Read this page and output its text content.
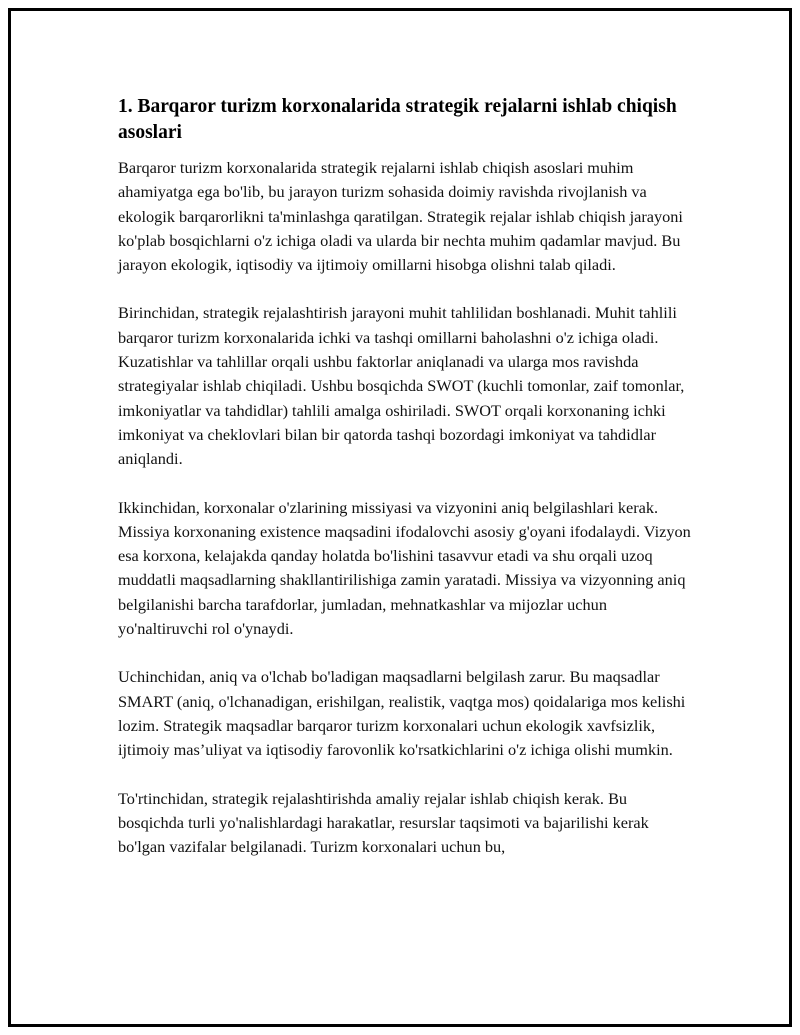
1. Barqaror turizm korxonalarida strategik rejalarni ishlab chiqish asoslari

Barqaror turizm korxonalarida strategik rejalarni ishlab chiqish asoslari muhim ahamiyatga ega bo'lib, bu jarayon turizm sohasida doimiy ravishda rivojlanish va ekologik barqarorlikni ta'minlashga qaratilgan. Strategik rejalar ishlab chiqish jarayoni ko'plab bosqichlarni o'z ichiga oladi va ularda bir nechta muhim qadamlar mavjud. Bu jarayon ekologik, iqtisodiy va ijtimoiy omillarni hisobga olishni talab qiladi.

Birinchidan, strategik rejalashtirish jarayoni muhit tahlilidan boshlanadi. Muhit tahlili barqaror turizm korxonalarida ichki va tashqi omillarni baholashni o'z ichiga oladi. Kuzatishlar va tahlillar orqali ushbu faktorlar aniqlanadi va ularga mos ravishda strategiyalar ishlab chiqiladi. Ushbu bosqichda SWOT (kuchli tomonlar, zaif tomonlar, imkoniyatlar va tahdidlar) tahlili amalga oshiriladi. SWOT orqali korxonaning ichki imkoniyat va cheklovlari bilan bir qatorda tashqi bozordagi imkoniyat va tahdidlar aniqlandi.

Ikkinchidan, korxonalar o'zlarining missiyasi va vizyonini aniq belgilashlari kerak. Missiya korxonaning existence maqsadini ifodalovchi asosiy g'oyani ifodalaydi. Vizyon esa korxona, kelajakda qanday holatda bo'lishini tasavvur etadi va shu orqali uzoq muddatli maqsadlarning shakllantirilishiga zamin yaratadi. Missiya va vizyonning aniq belgilanishi barcha tarafdorlar, jumladan, mehnatkashlar va mijozlar uchun yo'naltiruvchi rol o'ynaydi.

Uchinchidan, aniq va o'lchab bo'ladigan maqsadlarni belgilash zarur. Bu maqsadlar SMART (aniq, o'lchanadigan, erishilgan, realistik, vaqtga mos) qoidalariga mos kelishi lozim. Strategik maqsadlar barqaror turizm korxonalari uchun ekologik xavfsizlik, ijtimoiy mas’uliyat va iqtisodiy farovonlik ko'rsatkichlarini o'z ichiga olishi mumkin.

To'rtinchidan, strategik rejalashtirishda amaliy rejalar ishlab chiqish kerak. Bu bosqichda turli yo'nalishlardagi harakatlar, resurslar taqsimoti va bajarilishi kerak bo'lgan vazifalar belgilanadi. Turizm korxonalari uchun bu,
